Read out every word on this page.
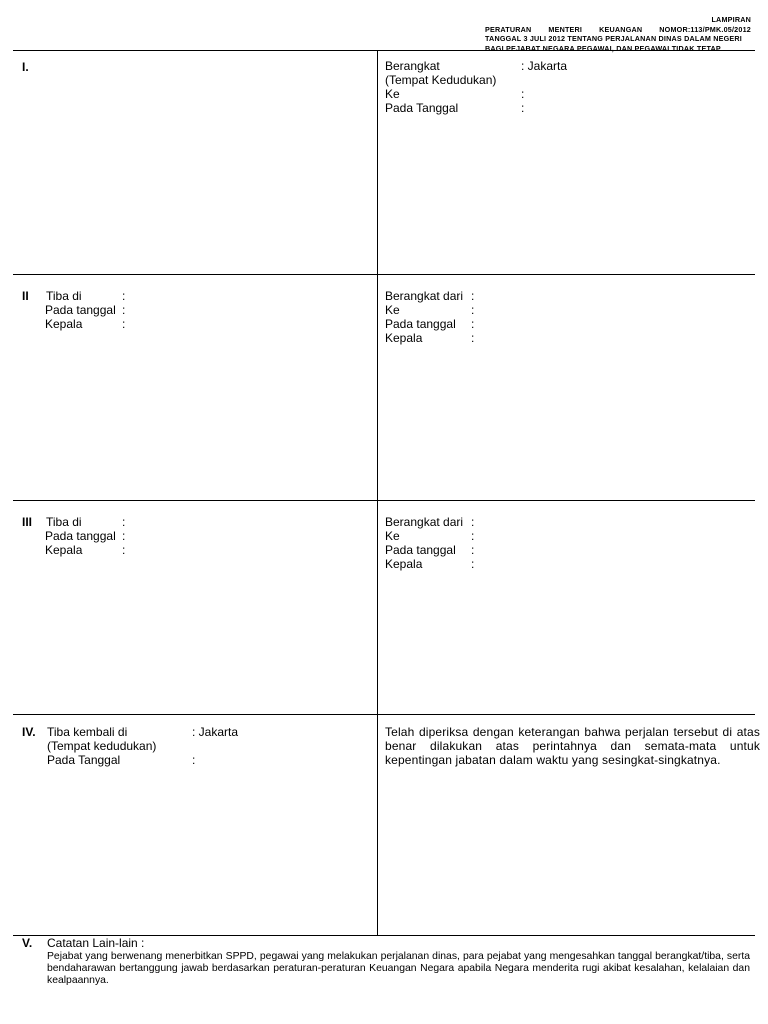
LAMPIRAN
PERATURAN MENTERI KEUANGAN NOMOR:113/PMK.05/2012
TANGGAL 3 JULI 2012 TENTANG PERJALANAN DINAS DALAM NEGERI
BAGI PEJABAT NEGARA PEGAWAI, DAN PEGAWAI TIDAK TETAP
I.	Berangkat	: Jakarta
(Tempat Kedudukan)
Ke	:
Pada Tanggal	:
II Tiba di	:
Pada tanggal :
Kepala	:
Berangkat dari :
Ke	:
Pada tanggal :
Kepala	:
III Tiba di	:
Pada tanggal :
Kepala	:
Berangkat dari :
Ke	:
Pada tanggal :
Kepala	:
IV. Tiba kembali di	: Jakarta
(Tempat kedudukan)
Pada Tanggal	:
Telah diperiksa dengan keterangan bahwa perjalan tersebut di atas benar dilakukan atas perintahnya dan semata-mata untuk kepentingan jabatan dalam waktu yang sesingkat-singkatnya.
V. Catatan Lain-lain :
Pejabat yang berwenang menerbitkan SPPD, pegawai yang melakukan perjalanan dinas, para pejabat yang mengesahkan tanggal berangkat/tiba, serta bendaharawan bertanggung jawab berdasarkan peraturan-peraturan Keuangan Negara apabila Negara menderita rugi akibat kesalahan, kelalaian dan kealpaannya.
